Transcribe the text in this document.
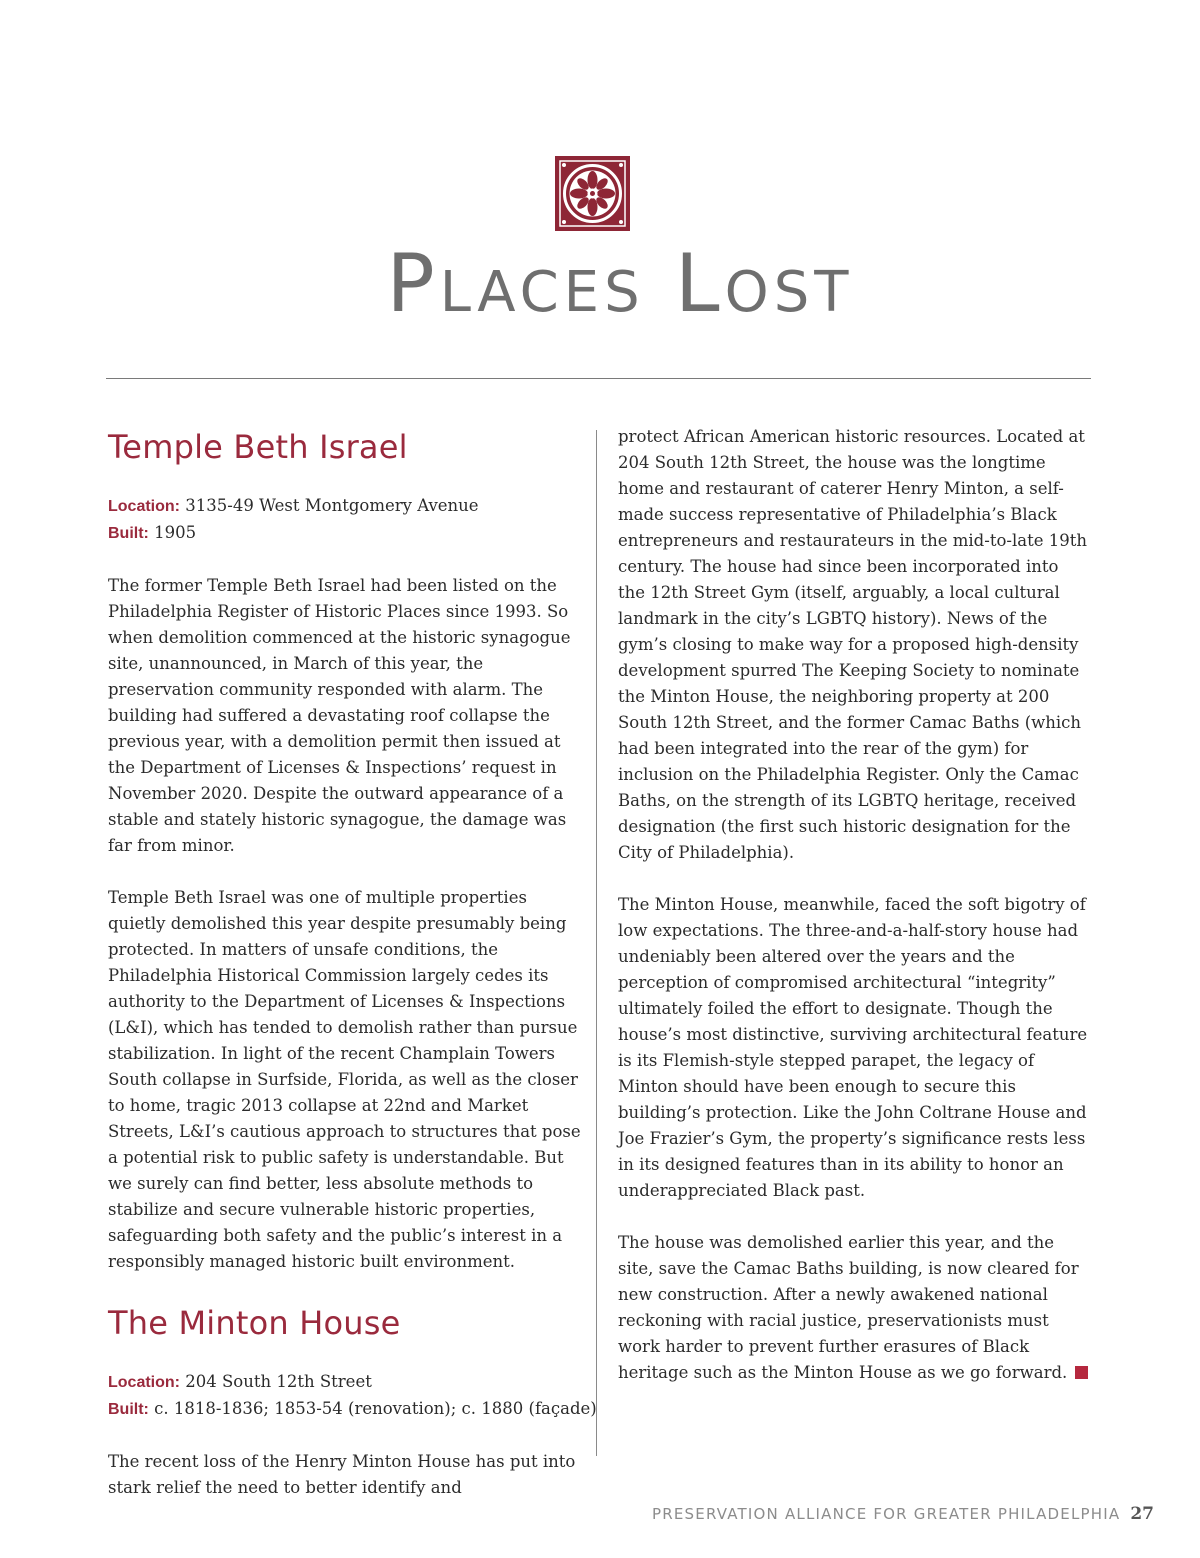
Places Lost
Temple Beth Israel
Location: 3135-49 West Montgomery Avenue
Built: 1905

The former Temple Beth Israel had been listed on the Philadelphia Register of Historic Places since 1993. So when demolition commenced at the historic synagogue site, unannounced, in March of this year, the preservation community responded with alarm. The building had suffered a devastating roof collapse the previous year, with a demolition permit then issued at the Department of Licenses & Inspections’ request in November 2020. Despite the outward appearance of a stable and stately historic synagogue, the damage was far from minor.

Temple Beth Israel was one of multiple properties quietly demolished this year despite presumably being protected. In matters of unsafe conditions, the Philadelphia Historical Commission largely cedes its authority to the Department of Licenses & Inspections (L&I), which has tended to demolish rather than pursue stabilization. In light of the recent Champlain Towers South collapse in Surfside, Florida, as well as the closer to home, tragic 2013 collapse at 22nd and Market Streets, L&I’s cautious approach to structures that pose a potential risk to public safety is understandable. But we surely can find better, less absolute methods to stabilize and secure vulnerable historic properties, safeguarding both safety and the public’s interest in a responsibly managed historic built environment.

The Minton House
Location: 204 South 12th Street
Built: c. 1818-1836; 1853-54 (renovation); c. 1880 (façade)

The recent loss of the Henry Minton House has put into stark relief the need to better identify and

protect African American historic resources. Located at 204 South 12th Street, the house was the longtime home and restaurant of caterer Henry Minton, a self-made success representative of Philadelphia’s Black entrepreneurs and restaurateurs in the mid-to-late 19th century. The house had since been incorporated into the 12th Street Gym (itself, arguably, a local cultural landmark in the city’s LGBTQ history). News of the gym’s closing to make way for a proposed high-density development spurred The Keeping Society to nominate the Minton House, the neighboring property at 200 South 12th Street, and the former Camac Baths (which had been integrated into the rear of the gym) for inclusion on the Philadelphia Register. Only the Camac Baths, on the strength of its LGBTQ heritage, received designation (the first such historic designation for the City of Philadelphia).

The Minton House, meanwhile, faced the soft bigotry of low expectations. The three-and-a-half-story house had undeniably been altered over the years and the perception of compromised architectural “integrity” ultimately foiled the effort to designate. Though the house’s most distinctive, surviving architectural feature is its Flemish-style stepped parapet, the legacy of Minton should have been enough to secure this building’s protection. Like the John Coltrane House and Joe Frazier’s Gym, the property’s significance rests less in its designed features than in its ability to honor an underappreciated Black past.

The house was demolished earlier this year, and the site, save the Camac Baths building, is now cleared for new construction. After a newly awakened national reckoning with racial justice, preservationists must work harder to prevent further erasures of Black heritage such as the Minton House as we go forward.

PRESERVATION ALLIANCE FOR GREATER PHILADELPHIA 27
